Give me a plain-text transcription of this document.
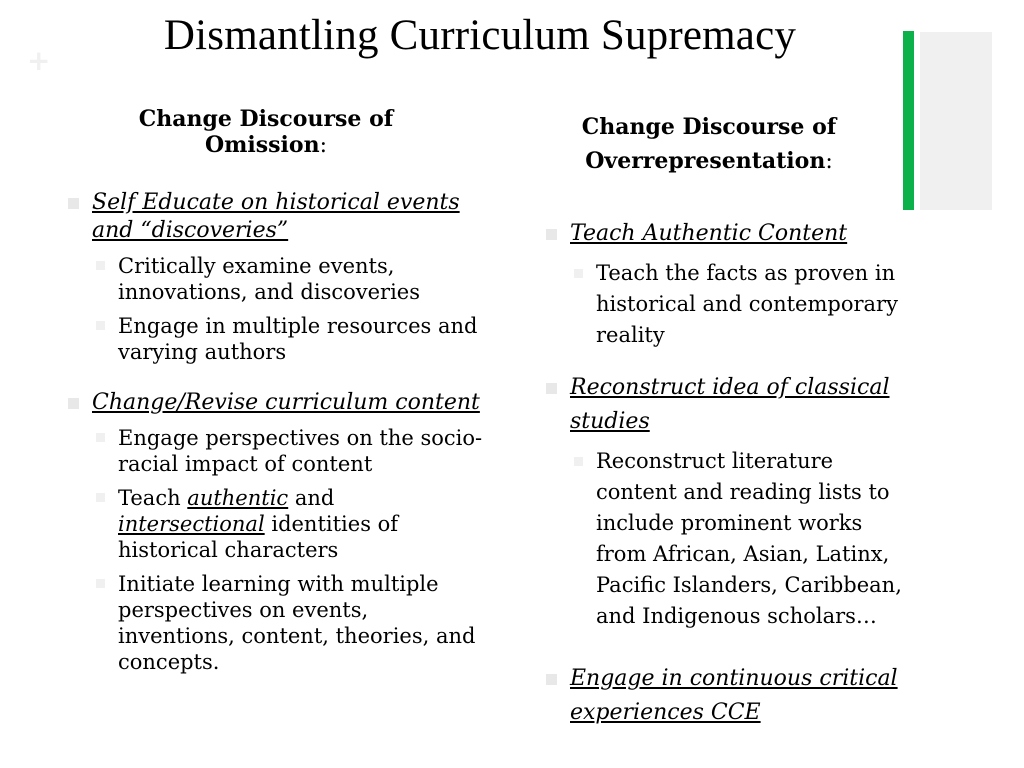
+
Dismantling Curriculum Supremacy
Change Discourse of
Omission:
Self Educate on historical events and “discoveries”
Critically examine events, innovations, and discoveries
Engage in multiple resources and varying authors
Change/Revise curriculum content
Engage perspectives on the socio-racial impact of content
Teach authentic and intersectional identities of historical characters
Initiate learning with multiple perspectives on events, inventions, content, theories, and concepts.
Change Discourse of
Overrepresentation:
Teach Authentic Content
Teach the facts as proven in historical and contemporary reality
Reconstruct idea of classical studies
Reconstruct literature content and reading lists to include prominent works from African, Asian, Latinx, Pacific Islanders, Caribbean, and Indigenous scholars…
Engage in continuous critical experiences CCE
